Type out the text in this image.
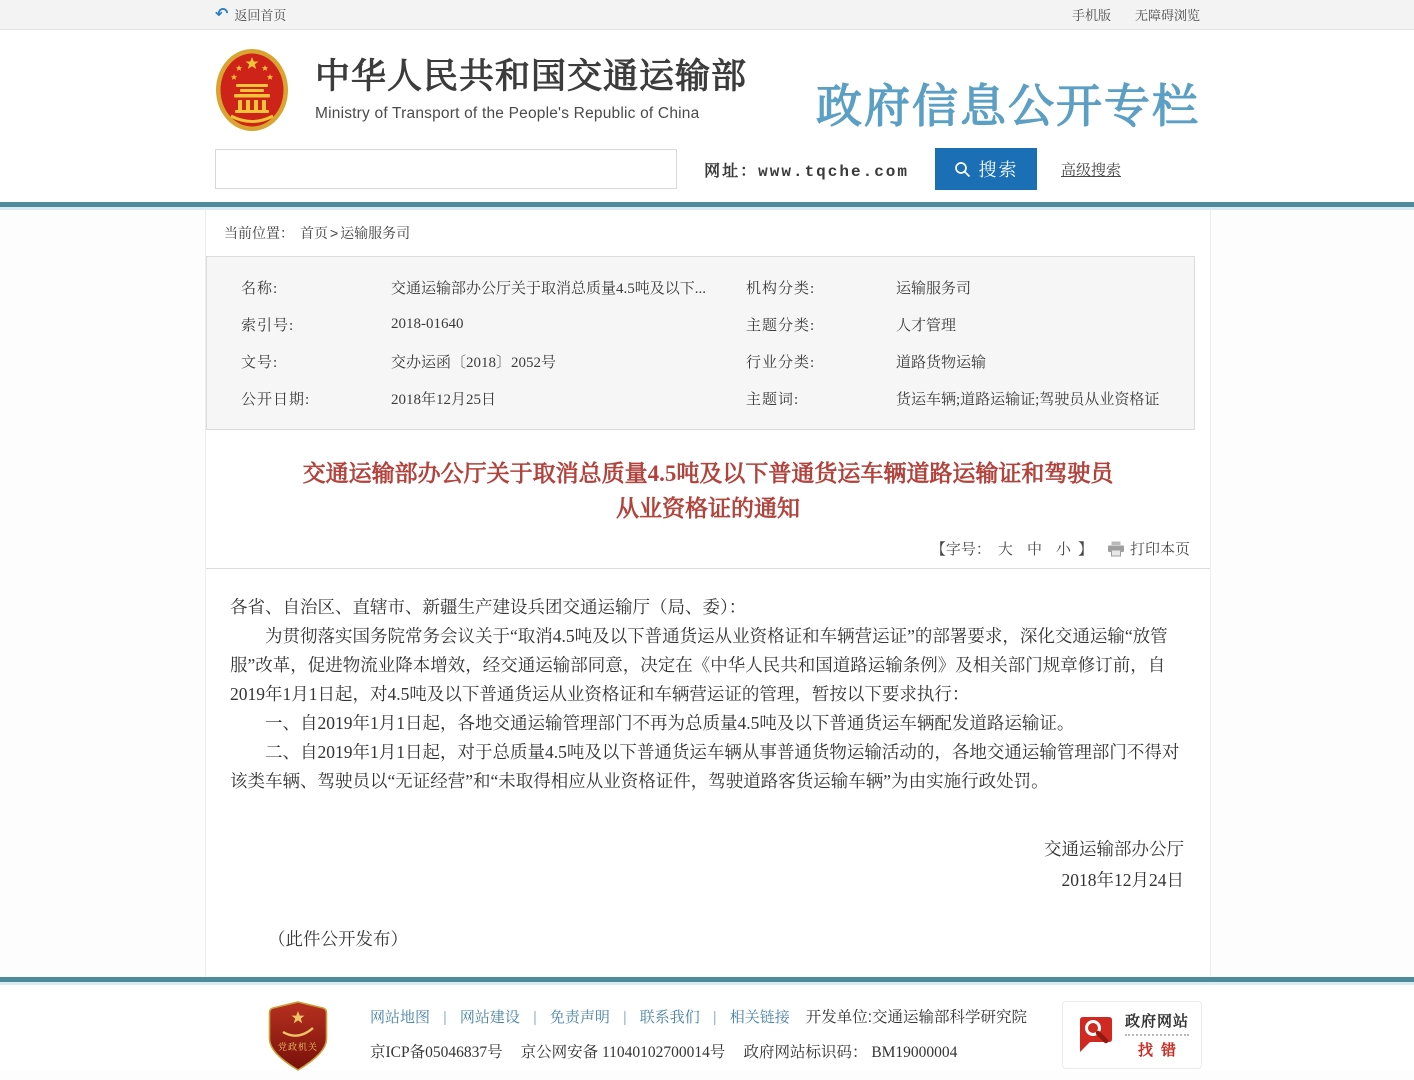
↶ 返回首页	手机版 无障碍浏览
中华人民共和国交通运输部
Ministry of Transport of the People's Republic of China	政府信息公开专栏
网址：www.tqche.com	搜索	高级搜索
当前位置： 首页 > 运输服务司
名称:	交通运输部办公厅关于取消总质量4.5吨及以下...	机构分类:	运输服务司
索引号:	2018-01640	主题分类:	人才管理
文号:	交办运函〔2018〕2052号	行业分类:	道路货物运输
公开日期:	2018年12月25日	主题词:	货运车辆;道路运输证;驾驶员从业资格证
交通运输部办公厅关于取消总质量4.5吨及以下普通货运车辆道路运输证和驾驶员从业资格证的通知
【字号： 大 中 小 】 打印本页

各省、自治区、直辖市、新疆生产建设兵团交通运输厅（局、委）：

为贯彻落实国务院常务会议关于“取消4.5吨及以下普通货运从业资格证和车辆营运证”的部署要求，深化交通运输“放管服”改革，促进物流业降本增效，经交通运输部同意，决定在《中华人民共和国道路运输条例》及相关部门规章修订前，自2019年1月1日起，对4.5吨及以下普通货运从业资格证和车辆营运证的管理，暂按以下要求执行：

一、自2019年1月1日起，各地交通运输管理部门不再为总质量4.5吨及以下普通货运车辆配发道路运输证。

二、自2019年1月1日起，对于总质量4.5吨及以下普通货运车辆从事普通货物运输活动的，各地交通运输管理部门不得对该类车辆、驾驶员以“无证经营”和“未取得相应从业资格证件，驾驶道路客货运输车辆”为由实施行政处罚。

交通运输部办公厅
2018年12月24日
（此件公开发布）
党政机关
网站地图 |	网站建设 |	免责声明 |	联系我们 |	相关链接 开发单位:交通运输部科学研究院
京ICP备05046837号 京公网安备 11040102700014号 政府网站标识码： BM19000004
政府网站
找错
